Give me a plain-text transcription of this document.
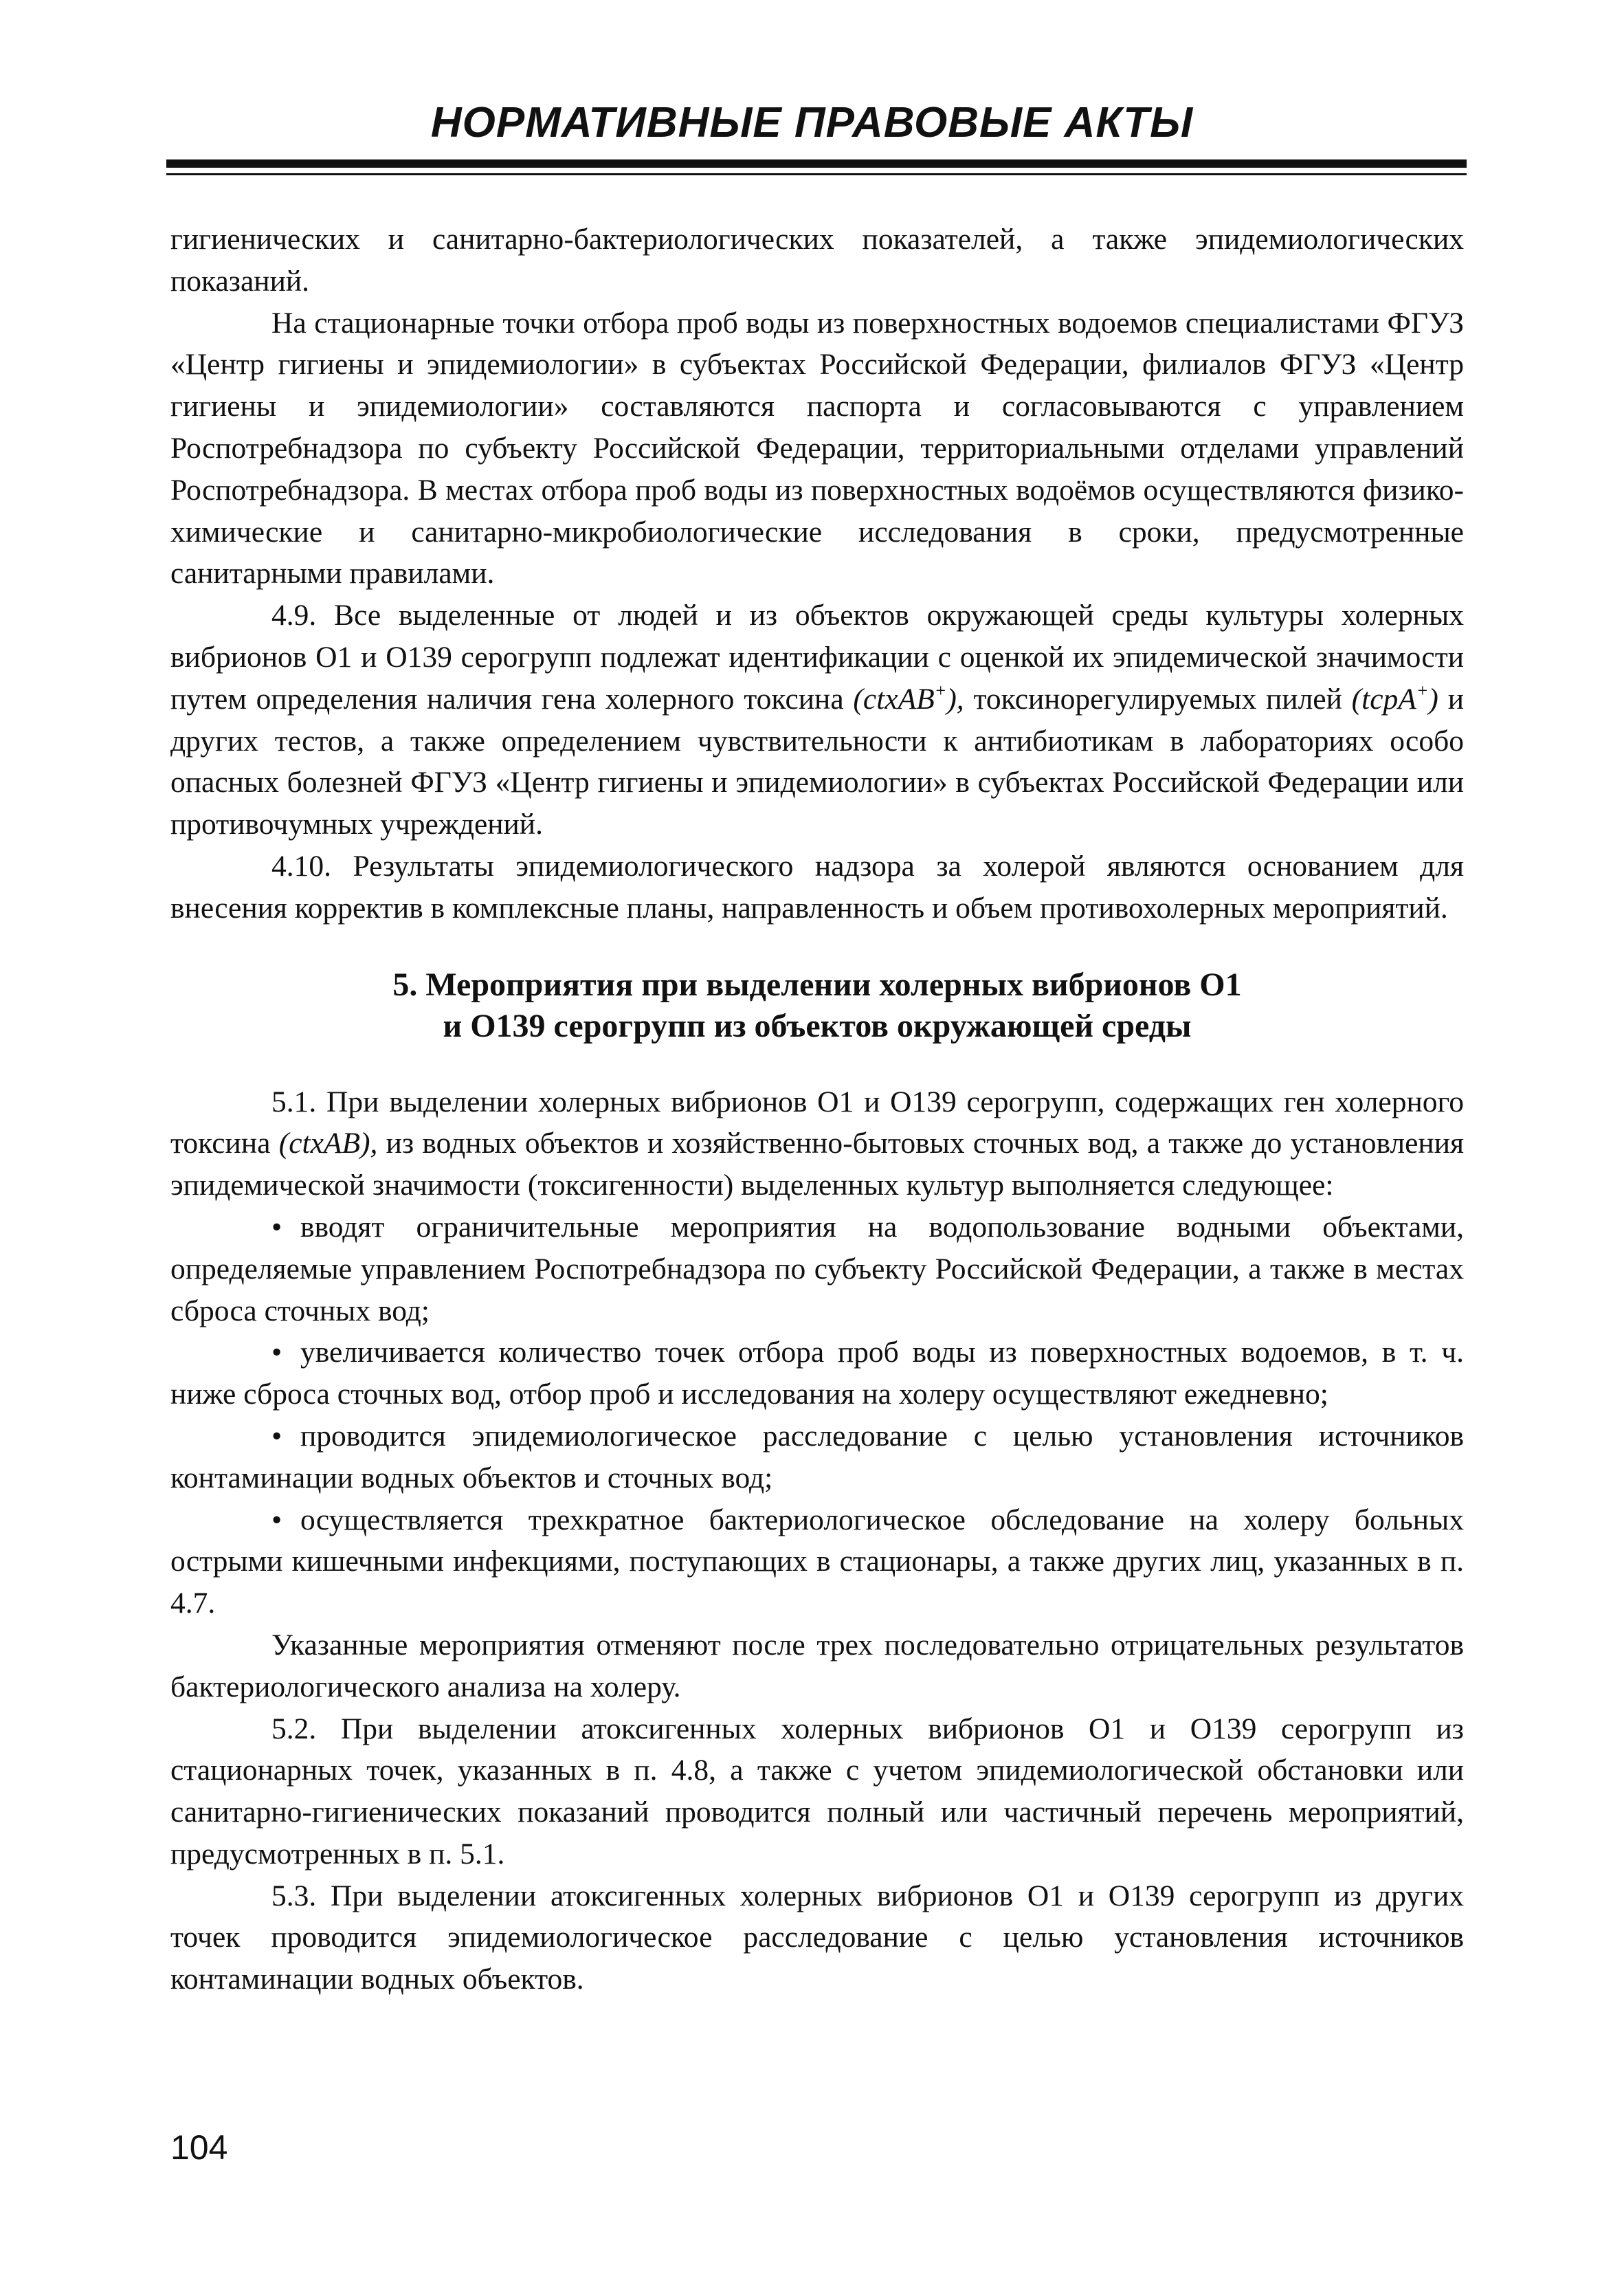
НОРМАТИВНЫЕ ПРАВОВЫЕ АКТЫ

гигиенических и санитарно-бактериологических показателей, а также эпидемиологических показаний.

На стационарные точки отбора проб воды из поверхностных водоемов специалистами ФГУЗ «Центр гигиены и эпидемиологии» в субъектах Российской Федерации, филиалов ФГУЗ «Центр гигиены и эпидемиологии» составляются паспорта и согласовываются с управлением Роспотребнадзора по субъекту Российской Федерации, территориальными отделами управлений Роспотребнадзора. В местах отбора проб воды из поверхностных водоёмов осуществляются физико-химические и санитарно-микробиологические исследования в сроки, предусмотренные санитарными правилами.

4.9. Все выделенные от людей и из объектов окружающей среды культуры холерных вибрионов О1 и О139 серогрупп подлежат идентификации с оценкой их эпидемической значимости путем определения наличия гена холерного токсина (ctxAB+), токсинорегулируемых пилей (tcpA+) и других тестов, а также определением чувствительности к антибиотикам в лабораториях особо опасных болезней ФГУЗ «Центр гигиены и эпидемиологии» в субъектах Российской Федерации или противочумных учреждений.

4.10. Результаты эпидемиологического надзора за холерой являются основанием для внесения корректив в комплексные планы, направленность и объем противохолерных мероприятий.

5. Мероприятия при выделении холерных вибрионов О1
и О139 серогрупп из объектов окружающей среды

5.1. При выделении холерных вибрионов О1 и О139 серогрупп, содержащих ген холерного токсина (ctxAB), из водных объектов и хозяйственно-бытовых сточных вод, а также до установления эпидемической значимости (токсигенности) выделенных культур выполняется следующее:

• вводят ограничительные мероприятия на водопользование водными объектами, определяемые управлением Роспотребнадзора по субъекту Российской Федерации, а также в местах сброса сточных вод;

• увеличивается количество точек отбора проб воды из поверхностных водоемов, в т. ч. ниже сброса сточных вод, отбор проб и исследования на холеру осуществляют ежедневно;

• проводится эпидемиологическое расследование с целью установления источников контаминации водных объектов и сточных вод;

• осуществляется трехкратное бактериологическое обследование на холеру больных острыми кишечными инфекциями, поступающих в стационары, а также других лиц, указанных в п. 4.7.

Указанные мероприятия отменяют после трех последовательно отрицательных результатов бактериологического анализа на холеру.

5.2. При выделении атоксигенных холерных вибрионов О1 и О139 серогрупп из стационарных точек, указанных в п. 4.8, а также с учетом эпидемиологической обстановки или санитарно-гигиенических показаний проводится полный или частичный перечень мероприятий, предусмотренных в п. 5.1.

5.3. При выделении атоксигенных холерных вибрионов О1 и О139 серогрупп из других точек проводится эпидемиологическое расследование с целью установления источников контаминации водных объектов.

104
